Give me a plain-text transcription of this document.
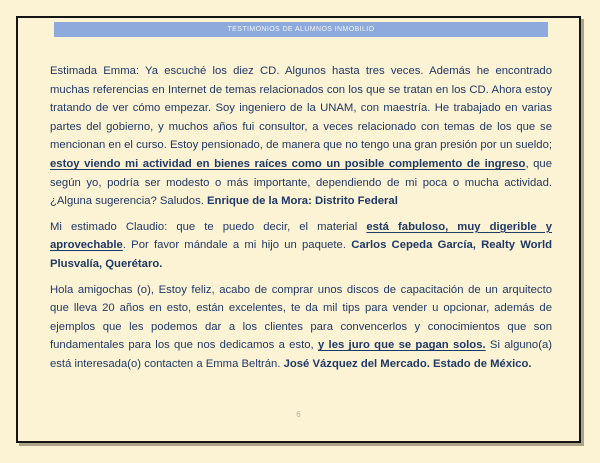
TESTIMONIOS DE ALUMNOS INMOBILIO

Estimada Emma: Ya escuché los diez CD. Algunos hasta tres veces. Además he encontrado muchas referencias en Internet de temas relacionados con los que se tratan en los CD. Ahora estoy tratando de ver cómo empezar. Soy ingeniero de la UNAM, con maestría. He trabajado en varias partes del gobierno, y muchos años fui consultor, a veces relacionado con temas de los que se mencionan en el curso. Estoy pensionado, de manera que no tengo una gran presión por un sueldo; estoy viendo mi actividad en bienes raíces como un posible complemento de ingreso, que según yo, podría ser modesto o más importante, dependiendo de mi poca o mucha actividad. ¿Alguna sugerencia? Saludos. Enrique de la Mora: Distrito Federal

Mi estimado Claudio: que te puedo decir, el material está fabuloso, muy digerible y aprovechable. Por favor mándale a mi hijo un paquete. Carlos Cepeda García, Realty World Plusvalía, Querétaro.

Hola amigochas (o), Estoy feliz, acabo de comprar unos discos de capacitación de un arquitecto que lleva 20 años en esto, están excelentes, te da mil tips para vender u opcionar, además de ejemplos que les podemos dar a los clientes para convencerlos y conocimientos que son fundamentales para los que nos dedicamos a esto, y les juro que se pagan solos. Si alguno(a) está interesada(o) contacten a Emma Beltrán. José Vázquez del Mercado. Estado de México.

6
